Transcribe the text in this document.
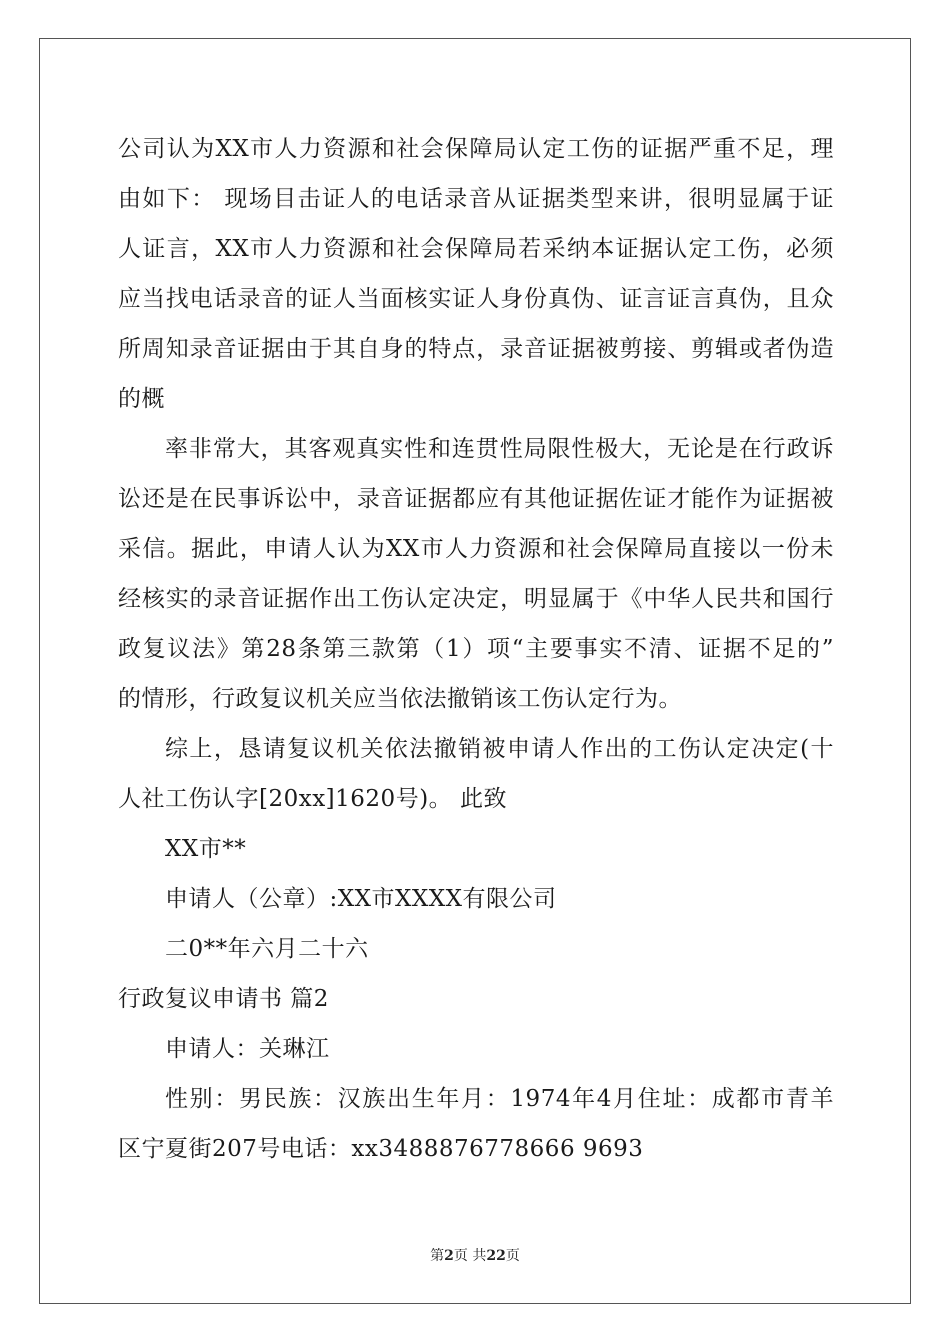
公司认为XX市人力资源和社会保障局认定工伤的证据严重不足，理
由如下： 现场目击证人的电话录音从证据类型来讲，很明显属于证
人证言，XX市人力资源和社会保障局若采纳本证据认定工伤，必须
应当找电话录音的证人当面核实证人身份真伪、证言证言真伪，且众
所周知录音证据由于其自身的特点，录音证据被剪接、剪辑或者伪造
的概
率非常大，其客观真实性和连贯性局限性极大，无论是在行政诉
讼还是在民事诉讼中，录音证据都应有其他证据佐证才能作为证据被
采信。据此，申请人认为XX市人力资源和社会保障局直接以一份未
经核实的录音证据作出工伤认定决定，明显属于《中华人民共和国行
政复议法》第28条第三款第（1）项“主要事实不清、证据不足的”
的情形，行政复议机关应当依法撤销该工伤认定行为。
综上，恳请复议机关依法撤销被申请人作出的工伤认定决定(十
人社工伤认字[20xx]1620号)。 此致
XX市**
申请人（公章）:XX市XXXX有限公司
二0**年六月二十六
行政复议申请书 篇2
申请人：关琳江
性别：男民族：汉族出生年月：1974年4月住址：成都市青羊
区宁夏街207号电话：xx3488876778666 9693
第2页 共22页
